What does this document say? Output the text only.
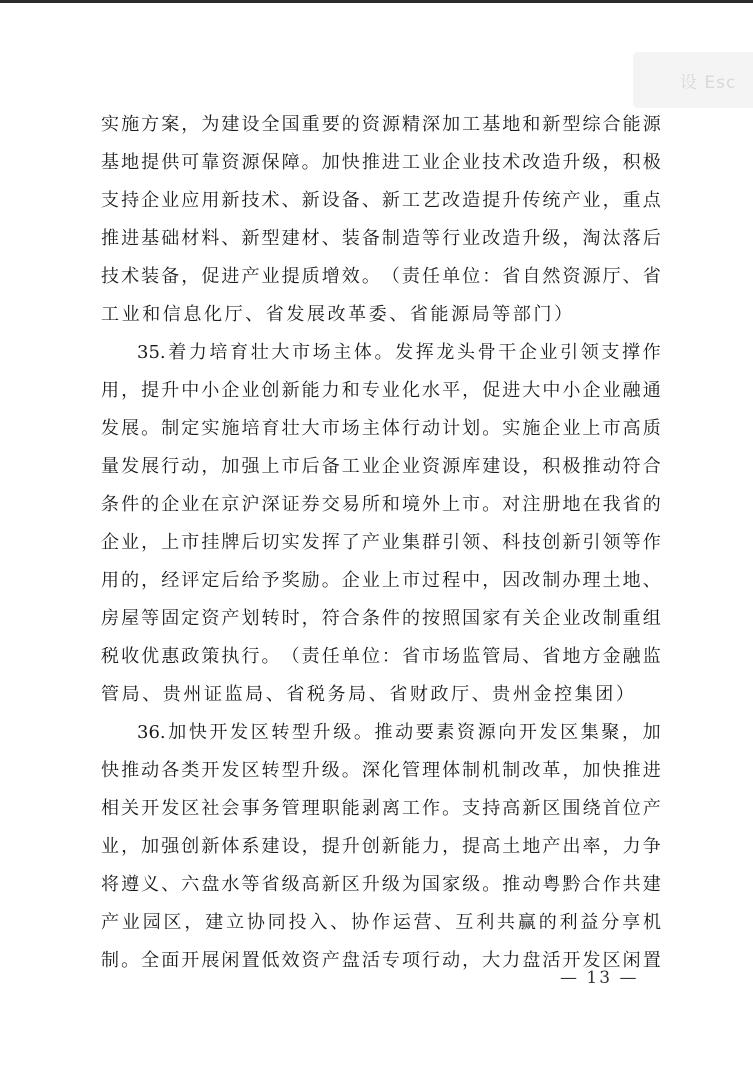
设 Esc
实 施 方 案 ， 为 建 设 全 国 重 要 的 资 源 精 深 加 工 基 地 和 新 型 综 合 能 源
基 地 提 供 可 靠 资 源 保 障 。 加 快 推 进 工 业 企 业 技 术 改 造 升 级 ， 积 极
支 持 企 业 应 用 新 技 术 、 新 设 备 、 新 工 艺 改 造 提 升 传 统 产 业 ， 重 点
推 进 基 础 材 料 、 新 型 建 材 、 装 备 制 造 等 行 业 改 造 升 级 ， 淘 汰 落 后
技 术 装 备 ， 促 进 产 业 提 质 增 效 。 （ 责 任 单 位 ： 省 自 然 资 源 厅 、 省
工 业 和 信 息 化 厅 、 省 发 展 改 革 委 、 省 能 源 局 等 部 门 ）
35. 着 力 培 育 壮 大 市 场 主 体 。 发 挥 龙 头 骨 干 企 业 引 领 支 撑 作
用 ， 提 升 中 小 企 业 创 新 能 力 和 专 业 化 水 平 ， 促 进 大 中 小 企 业 融 通
发 展 。 制 定 实 施 培 育 壮 大 市 场 主 体 行 动 计 划 。 实 施 企 业 上 市 高 质
量 发 展 行 动 ， 加 强 上 市 后 备 工 业 企 业 资 源 库 建 设 ， 积 极 推 动 符 合
条 件 的 企 业 在 京 沪 深 证 券 交 易 所 和 境 外 上 市 。 对 注 册 地 在 我 省 的
企 业 ， 上 市 挂 牌 后 切 实 发 挥 了 产 业 集 群 引 领 、 科 技 创 新 引 领 等 作
用 的 ， 经 评 定 后 给 予 奖 励 。 企 业 上 市 过 程 中 ， 因 改 制 办 理 土 地 、
房 屋 等 固 定 资 产 划 转 时 ， 符 合 条 件 的 按 照 国 家 有 关 企 业 改 制 重 组
税 收 优 惠 政 策 执 行 。 （ 责 任 单 位 ： 省 市 场 监 管 局 、 省 地 方 金 融 监
管 局 、 贵 州 证 监 局 、 省 税 务 局 、 省 财 政 厅 、 贵 州 金 控 集 团 ）
36. 加 快 开 发 区 转 型 升 级 。 推 动 要 素 资 源 向 开 发 区 集 聚 ， 加
快 推 动 各 类 开 发 区 转 型 升 级 。 深 化 管 理 体 制 机 制 改 革 ， 加 快 推 进
相 关 开 发 区 社 会 事 务 管 理 职 能 剥 离 工 作 。 支 持 高 新 区 围 绕 首 位 产
业 ， 加 强 创 新 体 系 建 设 ， 提 升 创 新 能 力 ， 提 高 土 地 产 出 率 ， 力 争
将 遵 义 、 六 盘 水 等 省 级 高 新 区 升 级 为 国 家 级 。 推 动 粤 黔 合 作 共 建
产 业 园 区 ， 建 立 协 同 投 入 、 协 作 运 营 、 互 利 共 赢 的 利 益 分 享 机
制 。 全 面 开 展 闲 置 低 效 资 产 盘 活 专 项 行 动 ， 大 力 盘 活 开 发 区 闲 置
— 13 —
